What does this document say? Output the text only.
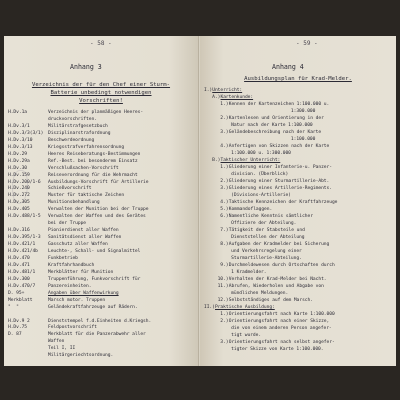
- 58 -
Anhang 3
Verzeichnis der für den Chef einer Sturm-
Batterie unbedingt notwendigen
Vorschriften!
H.Dv.1a	Verzeichnis der planmäßigen Heeres-
druckvorschriften.
H.Dv.3/1	Militärstrafgesetzbuch
H.Dv.3/3(3/1) Disziplinarstrafordnung
H.Dv.3/10	Beschwerdeordnung
H.Dv.3/13	Kriegsstrafverfahrensordnung
H.Dv.29	Heeres Reiseberatungs-Bestimmungen
H.Dv.29a	Ref.-Best. bei besonderem Einsatz
H.Dv.30	Verschlußsachen-Vorschrift
H.Dv.159	Reiseverordnung für die Wehrmacht
H.Dv.200/1-6 Ausbildungs-Vorschrift für Artillerie
H.Dv.240	Schießvorschrift
H.Dv.272	Muster für taktische Zeichen
H.Dv.305	Munitionsbehandlung
H.Dv.405	Verwalten der Munition bei der Truppe
H.Dv.488/1-5 Verwalten der Waffen und des Gerätes
bei der Truppe
H.Dv.316	Pionierdienst aller Waffen
H.Dv.395/1-3 Sanitätsdienst aller Waffen
H.Dv.421/1	Gasschutz aller Waffen
H.Dv.421/4b Leuchte-, Schall- und Signalmittel
H.Dv.470	Funkbetrieb
H.Dv.471	Kraftfahrhandbuch
H.Dv.481/1	Merkblätter für Munition
H.Dv.300	Truppenführung, Funkvorschrift für
H.Dv.470/7	Panzereinheiten.
D. 95+	Angaben über Waffenwirkung
Merkblatt	Marsch motor. Truppen
"  "	Geländekraftfahrzeuge auf Rädern.
H.Dv.9 2	Dienststempel f.d.Einheiten d.Kriegsh.
H.Dv.75	Feldpostvorschrift
D. 87	Merkblatt für die Panzerabwehr aller
Waffen
Teil I, II
Militärgeriechtsordnung.
- 59 -
Anhang 4
Ausbildungsplan für Krad-Melder.
I.) Unterricht:
A.) Kartenkunde:
1.) Kennen der Kartenzeichen 1:100.000 u.
1:300.000
2.) Kartenlesen und Orientierung in der
Natur nach der Karte 1:100.000
3.) Geländebeschreibung nach der Karte
1:100.000
4.) Anfertigen von Skizzen nach der Karte
1:100.000 u. 1:300.000
B.) Taktischer Unterricht:
1.) Gliederung einer Infanterie-u. Panzer-
division. (Überblick)
2.) Gliederung einer Sturmartillerie-Abt.
3.) Gliederung eines Artillerie-Regiments.
(Divisions-Artillerie)
4.) Taktische Kennzeichen der Kraftfahrzeuge
5.) Kommandoflaggen.
6.) Namentliche Kenntnis sämtlicher
Offiziere der Abteilung.
7.) Tätigkeit der Stabsteile und
Dienststellen der Abteilung
8.) Aufgaben der Kradmelder bei Sicherung
und Verkehrsregelung einer
Sturmartillerie-Abteilung.
9.) Durchmeldewesen durch Ortschaften durch
1 Kradmelder.
10.) Verhalten der Krad-Melder bei Nacht.
11.) Abrufen, Wiederholen und Abgabe von
mündlichen Meldungen.
12.) Selbstständiges auf dem Marsch.
II.) Praktische Ausbildung:
1.) Orientierungsfahrt nach Karte 1:100.000
2.) Orientierungsfahrt nach einer Skizze,
die von einem anderen Person angefer-
tigt wurde.
3.) Orientierungsfahrt nach selbst angefer-
tigter Skizze von Karte 1:100.000.
